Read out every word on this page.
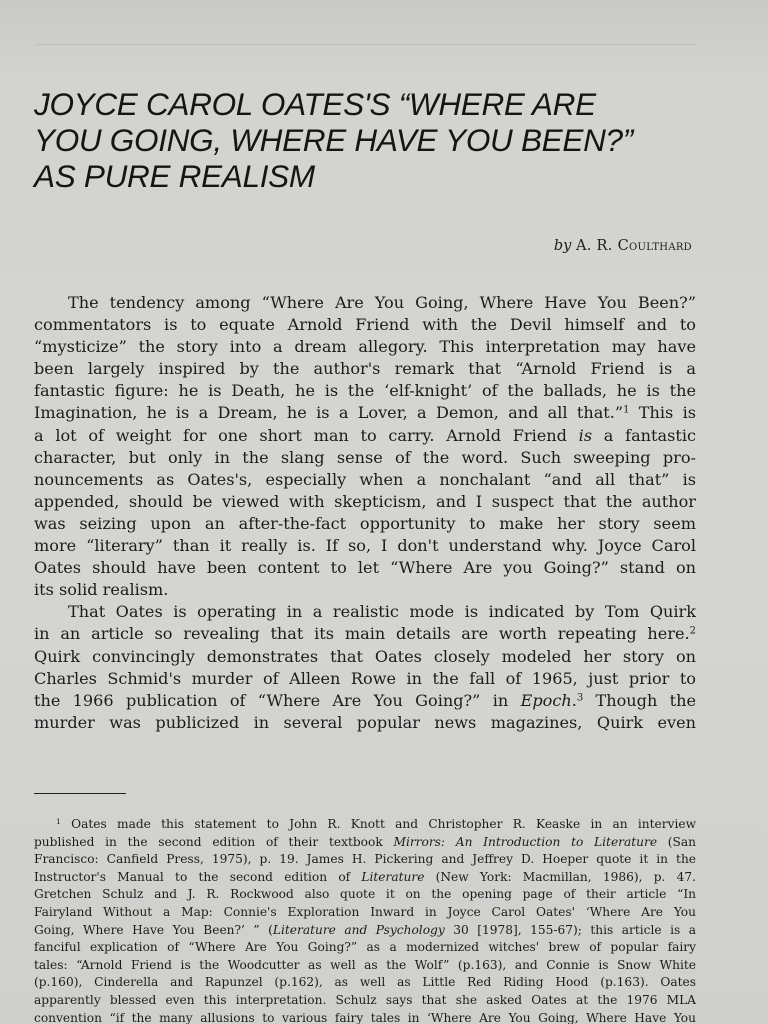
JOYCE CAROL OATES'S “WHERE ARE
YOU GOING, WHERE HAVE YOU BEEN?”
AS PURE REALISM
by A. R. Coulthard
The tendency among “Where Are You Going, Where Have You Been?”
commentators is to equate Arnold Friend with the Devil himself and to
“mysticize” the story into a dream allegory. This interpretation may have
been largely inspired by the author's remark that “Arnold Friend is a
fantastic figure: he is Death, he is the ‘elf-knight’ of the ballads, he is the
Imagination, he is a Dream, he is a Lover, a Demon, and all that.”$^1$ This is
a lot of weight for one short man to carry. Arnold Friend is a fantastic
character, but only in the slang sense of the word. Such sweeping pro-
nouncements as Oates's, especially when a nonchalant “and all that” is
appended, should be viewed with skepticism, and I suspect that the author
was seizing upon an after-the-fact opportunity to make her story seem
more “literary” than it really is. If so, I don't understand why. Joyce Carol
Oates should have been content to let “Where Are you Going?” stand on
its solid realism.
That Oates is operating in a realistic mode is indicated by Tom Quirk
in an article so revealing that its main details are worth repeating here.$^2$
Quirk convincingly demonstrates that Oates closely modeled her story on
Charles Schmid's murder of Alleen Rowe in the fall of 1965, just prior to
the 1966 publication of “Where Are You Going?” in Epoch.$^3$ Though the
murder was publicized in several popular news magazines, Quirk even
$^1$ Oates made this statement to John R. Knott and Christopher R. Keaske in an interview
published in the second edition of their textbook Mirrors: An Introduction to Literature (San
Francisco: Canfield Press, 1975), p. 19. James H. Pickering and Jeffrey D. Hoeper quote it in the
Instructor's Manual to the second edition of Literature (New York: Macmillan, 1986), p. 47.
Gretchen Schulz and J. R. Rockwood also quote it on the opening page of their article “In
Fairyland Without a Map: Connie's Exploration Inward in Joyce Carol Oates' ‘Where Are You
Going, Where Have You Been?’ ” (Literature and Psychology 30 [1978], 155-67); this article is a
fanciful explication of “Where Are You Going?” as a modernized witches' brew of popular fairy
tales: “Arnold Friend is the Woodcutter as well as the Wolf” (p.163), and Connie is Snow White
(p.160), Cinderella and Rapunzel (p.162), as well as Little Red Riding Hood (p.163). Oates
apparently blessed even this interpretation. Schulz says that she asked Oates at the 1976 MLA
convention “if the many allusions to various fairy tales in ‘Where Are You Going, Where Have You
